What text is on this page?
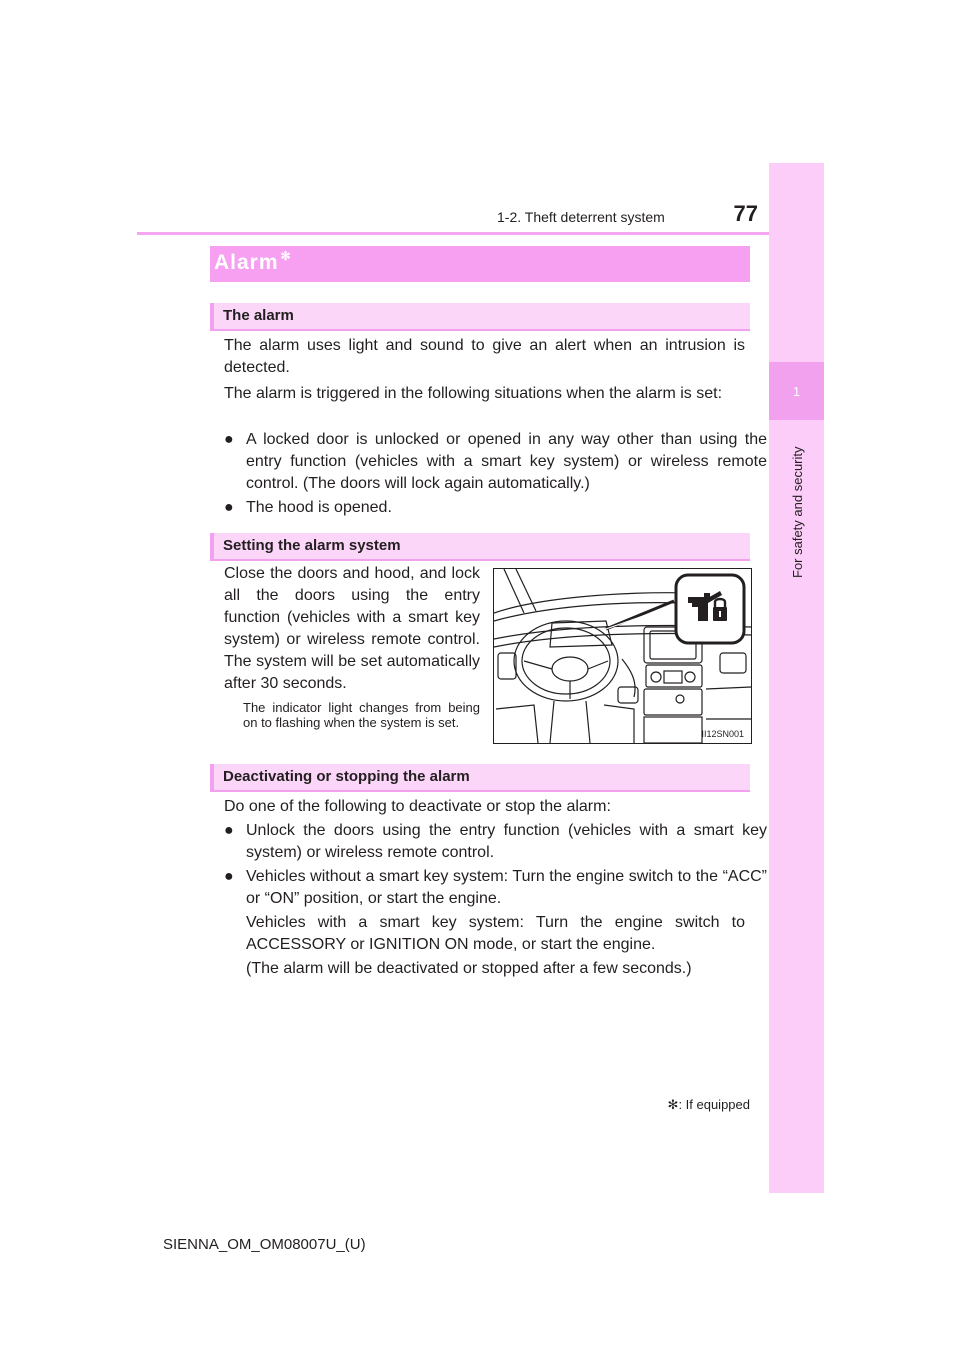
1-2. Theft deterrent system	77
1
For safety and security
Alarm ✻
The alarm
The alarm uses light and sound to give an alert when an intrusion is detected.
The alarm is triggered in the following situations when the alarm is set:
● A locked door is unlocked or opened in any way other than using the entry function (vehicles with a smart key system) or wireless remote control. (The doors will lock again automatically.)
● The hood is opened.
Setting the alarm system
Close the doors and hood, and lock all the doors using the entry function (vehicles with a smart key system) or wireless remote control. The system will be set automatically after 30 seconds.
The indicator light changes from being on to flashing when the system is set.
II12SN001
Deactivating or stopping the alarm
Do one of the following to deactivate or stop the alarm:
● Unlock the doors using the entry function (vehicles with a smart key system) or wireless remote control.
● Vehicles without a smart key system: Turn the engine switch to the “ACC” or “ON” position, or start the engine.
Vehicles with a smart key system: Turn the engine switch to ACCESSORY or IGNITION ON mode, or start the engine.
(The alarm will be deactivated or stopped after a few seconds.)
✻: If equipped
SIENNA_OM_OM08007U_(U)
